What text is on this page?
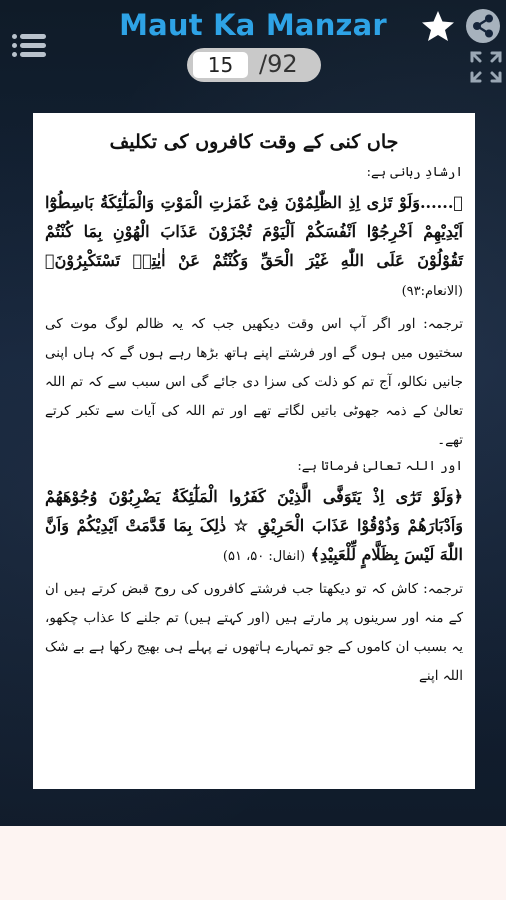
Maut Ka Manzar
15	/92
جاں کنی کے وقت کافروں کی تکلیف
ارشادِ ربانی ہے:

﴿......وَلَوْ تَرٰی اِذِ الظّٰلِمُوْنَ فِیْ غَمَرٰتِ الْمَوْتِ وَالْمَلٰٓئِکَةُ بَاسِطُوْٓا اَیْدِیْهِمْ اَخْرِجُوْٓا اَنْفُسَکُمْ اَلْیَوْمَ تُجْزَوْنَ عَذَابَ الْهُوْنِ بِمَا کُنْتُمْ تَقُوْلُوْنَ عَلَی اللّٰهِ غَیْرَ الْحَقِّ وَکُنْتُمْ عَنْ اٰیٰتِهٖ تَسْتَکْبِرُوْنَ﴾ (الانعام:۹۳)

ترجمہ: اور اگر آپ اس وقت دیکھیں جب کہ یہ ظالم لوگ موت کی سختیوں میں ہوں گے اور فرشتے اپنے ہاتھ بڑھا رہے ہوں گے کہ ہاں اپنی جانیں نکالو، آج تم کو ذلت کی سزا دی جائے گی اس سبب سے کہ تم اللہ تعالیٰ کے ذمہ جھوٹی باتیں لگاتے تھے اور تم اللہ کی آیات سے تکبر کرتے تھے۔

اور اللہ تعالیٰ فرماتا ہے:

﴿وَلَوْ تَرٰٓی اِذْ یَتَوَفَّی الَّذِیْنَ کَفَرُوا الْمَلٰٓئِکَةُ یَضْرِبُوْنَ وُجُوْهَهُمْ وَاَدْبَارَهُمْ وَذُوْقُوْا عَذَابَ الْحَرِیْقِ ☆ ذٰلِکَ بِمَا قَدَّمَتْ اَیْدِیْکُمْ وَاَنَّ اللّٰهَ لَیْسَ بِظَلَّامٍ لِّلْعَبِیْدِ﴾ (انفال: ۵۰، ۵۱)

ترجمہ: کاش کہ تو دیکھتا جب فرشتے کافروں کی روح قبض کرتے ہیں ان کے منہ اور سرینوں پر مارتے ہیں (اور کہتے ہیں) تم جلنے کا عذاب چکھو، یہ بسبب ان کاموں کے جو تمہارے ہاتھوں نے پہلے ہی بھیج رکھا ہے بے شک اللہ اپنے
